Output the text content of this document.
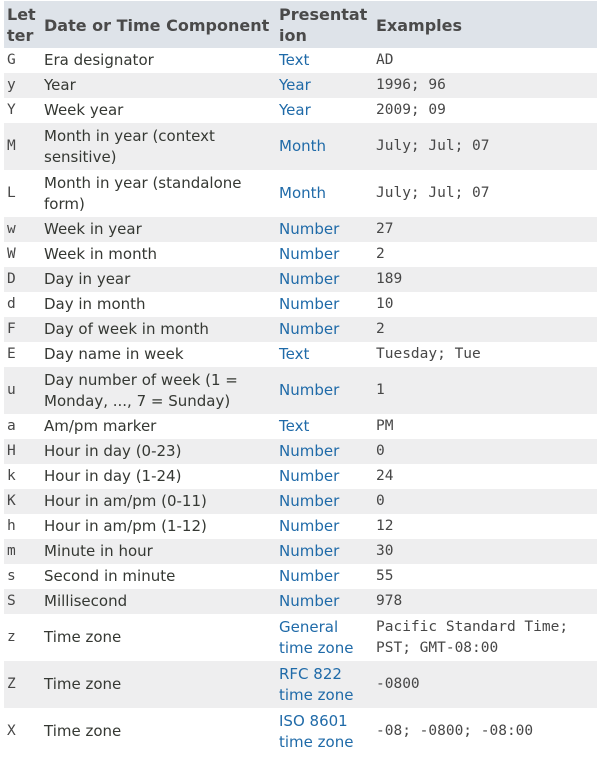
Letter	Date or Time Component	Presentation	Examples
G	Era designator	Text	AD
y	Year	Year	1996; 96
Y	Week year	Year	2009; 09
M	Month in year (context sensitive)	Month	July; Jul; 07
L	Month in year (standalone form)	Month	July; Jul; 07
w	Week in year	Number	27
W	Week in month	Number	2
D	Day in year	Number	189
d	Day in month	Number	10
F	Day of week in month	Number	2
E	Day name in week	Text	Tuesday; Tue
u	Day number of week (1 = Monday, ..., 7 = Sunday)	Number	1
a	Am/pm marker	Text	PM
H	Hour in day (0-23)	Number	0
k	Hour in day (1-24)	Number	24
K	Hour in am/pm (0-11)	Number	0
h	Hour in am/pm (1-12)	Number	12
m	Minute in hour	Number	30
s	Second in minute	Number	55
S	Millisecond	Number	978
z	Time zone	General time zone	Pacific Standard Time; PST; GMT-08:00
Z	Time zone	RFC 822 time zone	-0800
X	Time zone	ISO 8601 time zone	-08; -0800; -08:00
